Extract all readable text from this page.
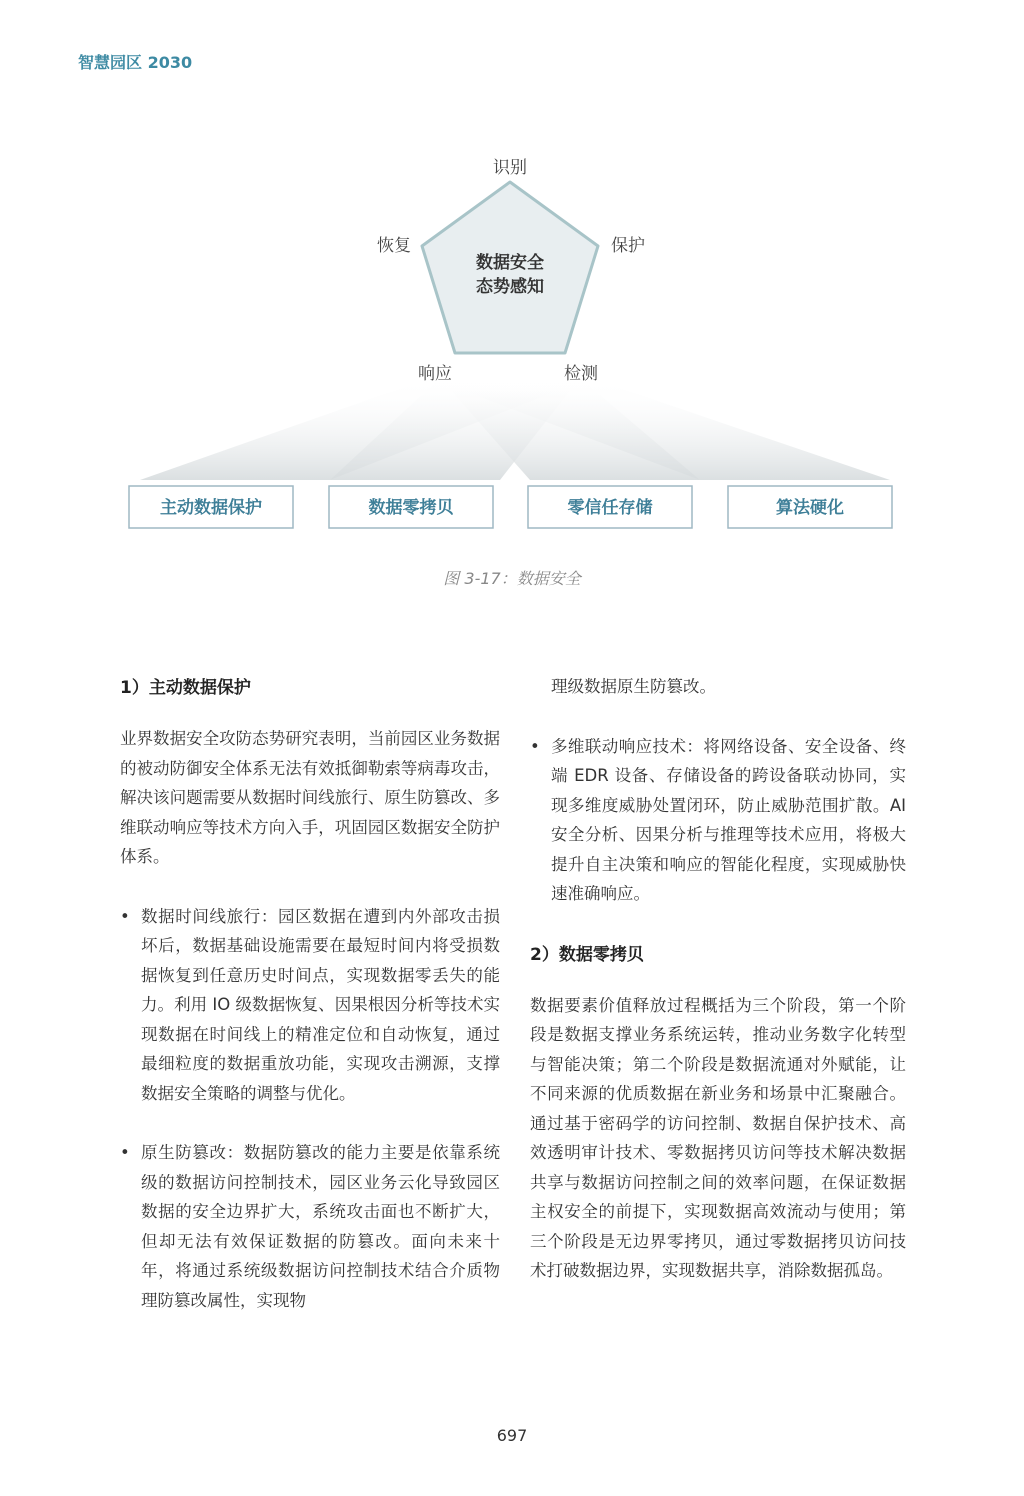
智慧园区 2030
数据安全
态势感知
识别
保护
恢复
响应	检测
主动数据保护	数据零拷贝	零信任存储	算法硬化
图 3-17：数据安全
1）主动数据保护
业界数据安全攻防态势研究表明，当前园区业务数据的被动防御安全体系无法有效抵御勒索等病毒攻击，解决该问题需要从数据时间线旅行、原生防篡改、多维联动响应等技术方向入手，巩固园区数据安全防护体系。
• 数据时间线旅行：园区数据在遭到内外部攻击损坏后，数据基础设施需要在最短时间内将受损数据恢复到任意历史时间点，实现数据零丢失的能力。利用 IO 级数据恢复、因果根因分析等技术实现数据在时间线上的精准定位和自动恢复，通过最细粒度的数据重放功能，实现攻击溯源，支撑数据安全策略的调整与优化。
• 原生防篡改：数据防篡改的能力主要是依靠系统级的数据访问控制技术，园区业务云化导致园区数据的安全边界扩大，系统攻击面也不断扩大，但却无法有效保证数据的防篡改。面向未来十年，将通过系统级数据访问控制技术结合介质物理防篡改属性，实现物
理级数据原生防篡改。
• 多维联动响应技术：将网络设备、安全设备、终端 EDR 设备、存储设备的跨设备联动协同，实现多维度威胁处置闭环，防止威胁范围扩散。AI 安全分析、因果分析与推理等技术应用，将极大提升自主决策和响应的智能化程度，实现威胁快速准确响应。
2）数据零拷贝
数据要素价值释放过程概括为三个阶段，第一个阶段是数据支撑业务系统运转，推动业务数字化转型与智能决策；第二个阶段是数据流通对外赋能，让不同来源的优质数据在新业务和场景中汇聚融合。通过基于密码学的访问控制、数据自保护技术、高效透明审计技术、零数据拷贝访问等技术解决数据共享与数据访问控制之间的效率问题，在保证数据主权安全的前提下，实现数据高效流动与使用；第三个阶段是无边界零拷贝，通过零数据拷贝访问技术打破数据边界，实现数据共享，消除数据孤岛。
697
